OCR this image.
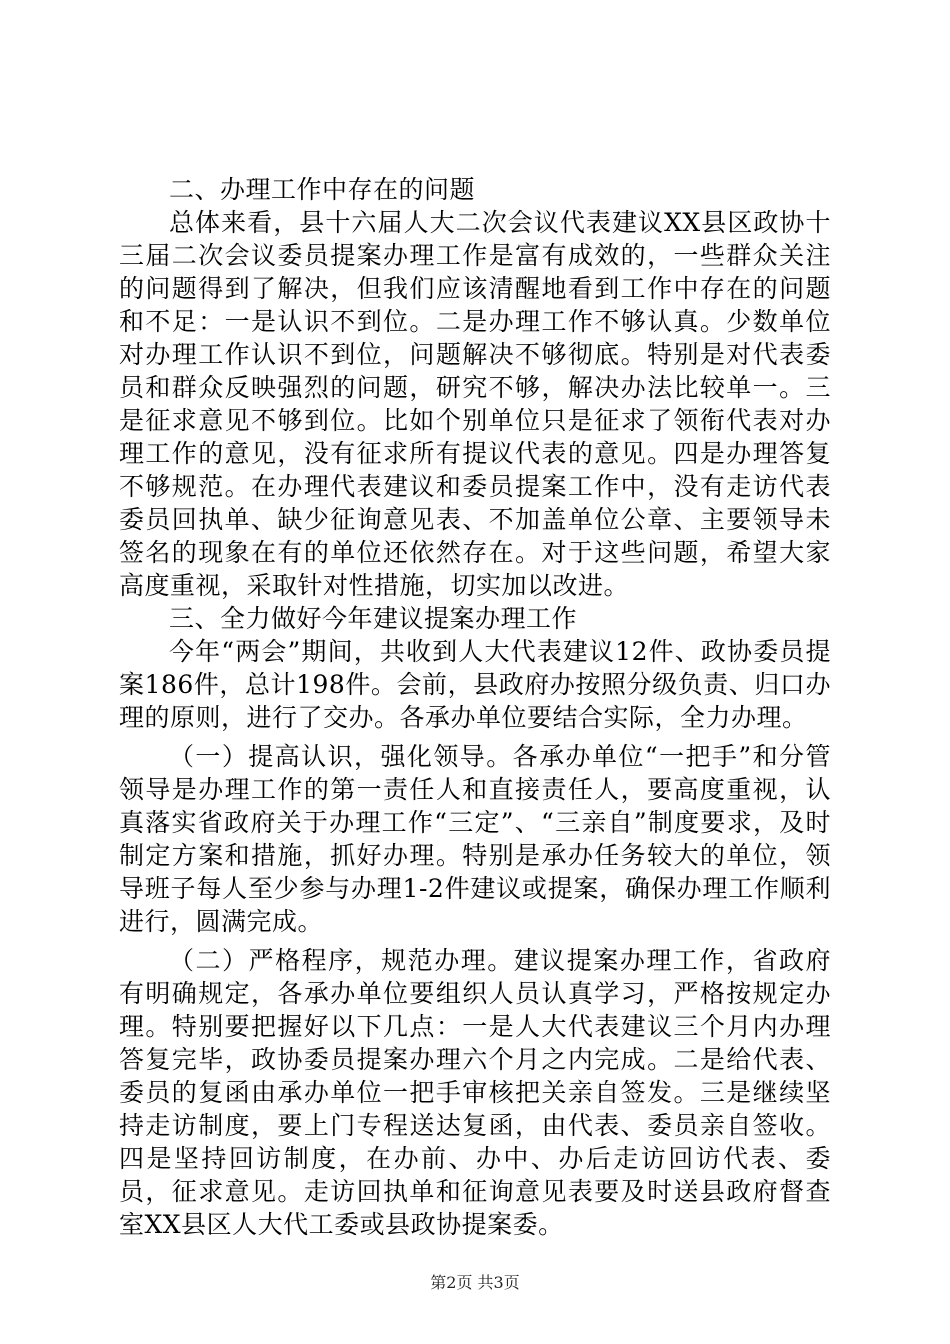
二、办理工作中存在的问题

总体来看，县十六届人大二次会议代表建议XX县区政协十三届二次会议委员提案办理工作是富有成效的，一些群众关注的问题得到了解决，但我们应该清醒地看到工作中存在的问题和不足：一是认识不到位。二是办理工作不够认真。少数单位对办理工作认识不到位，问题解决不够彻底。特别是对代表委员和群众反映强烈的问题，研究不够，解决办法比较单一。三是征求意见不够到位。比如个别单位只是征求了领衔代表对办理工作的意见，没有征求所有提议代表的意见。四是办理答复不够规范。在办理代表建议和委员提案工作中，没有走访代表委员回执单、缺少征询意见表、不加盖单位公章、主要领导未签名的现象在有的单位还依然存在。对于这些问题，希望大家高度重视，采取针对性措施，切实加以改进。

三、全力做好今年建议提案办理工作

今年“两会”期间，共收到人大代表建议12件、政协委员提案186件，总计198件。会前，县政府办按照分级负责、归口办理的原则，进行了交办。各承办单位要结合实际，全力办理。

（一）提高认识，强化领导。各承办单位“一把手”和分管领导是办理工作的第一责任人和直接责任人，要高度重视，认真落实省政府关于办理工作“三定”、“三亲自”制度要求，及时制定方案和措施，抓好办理。特别是承办任务较大的单位，领导班子每人至少参与办理1-2件建议或提案，确保办理工作顺利进行，圆满完成。

（二）严格程序，规范办理。建议提案办理工作，省政府有明确规定，各承办单位要组织人员认真学习，严格按规定办理。特别要把握好以下几点：一是人大代表建议三个月内办理答复完毕，政协委员提案办理六个月之内完成。二是给代表、委员的复函由承办单位一把手审核把关亲自签发。三是继续坚持走访制度，要上门专程送达复函，由代表、委员亲自签收。四是坚持回访制度，在办前、办中、办后走访回访代表、委员，征求意见。走访回执单和征询意见表要及时送县政府督查室XX县区人大代工委或县政协提案委。

第2页 共3页
